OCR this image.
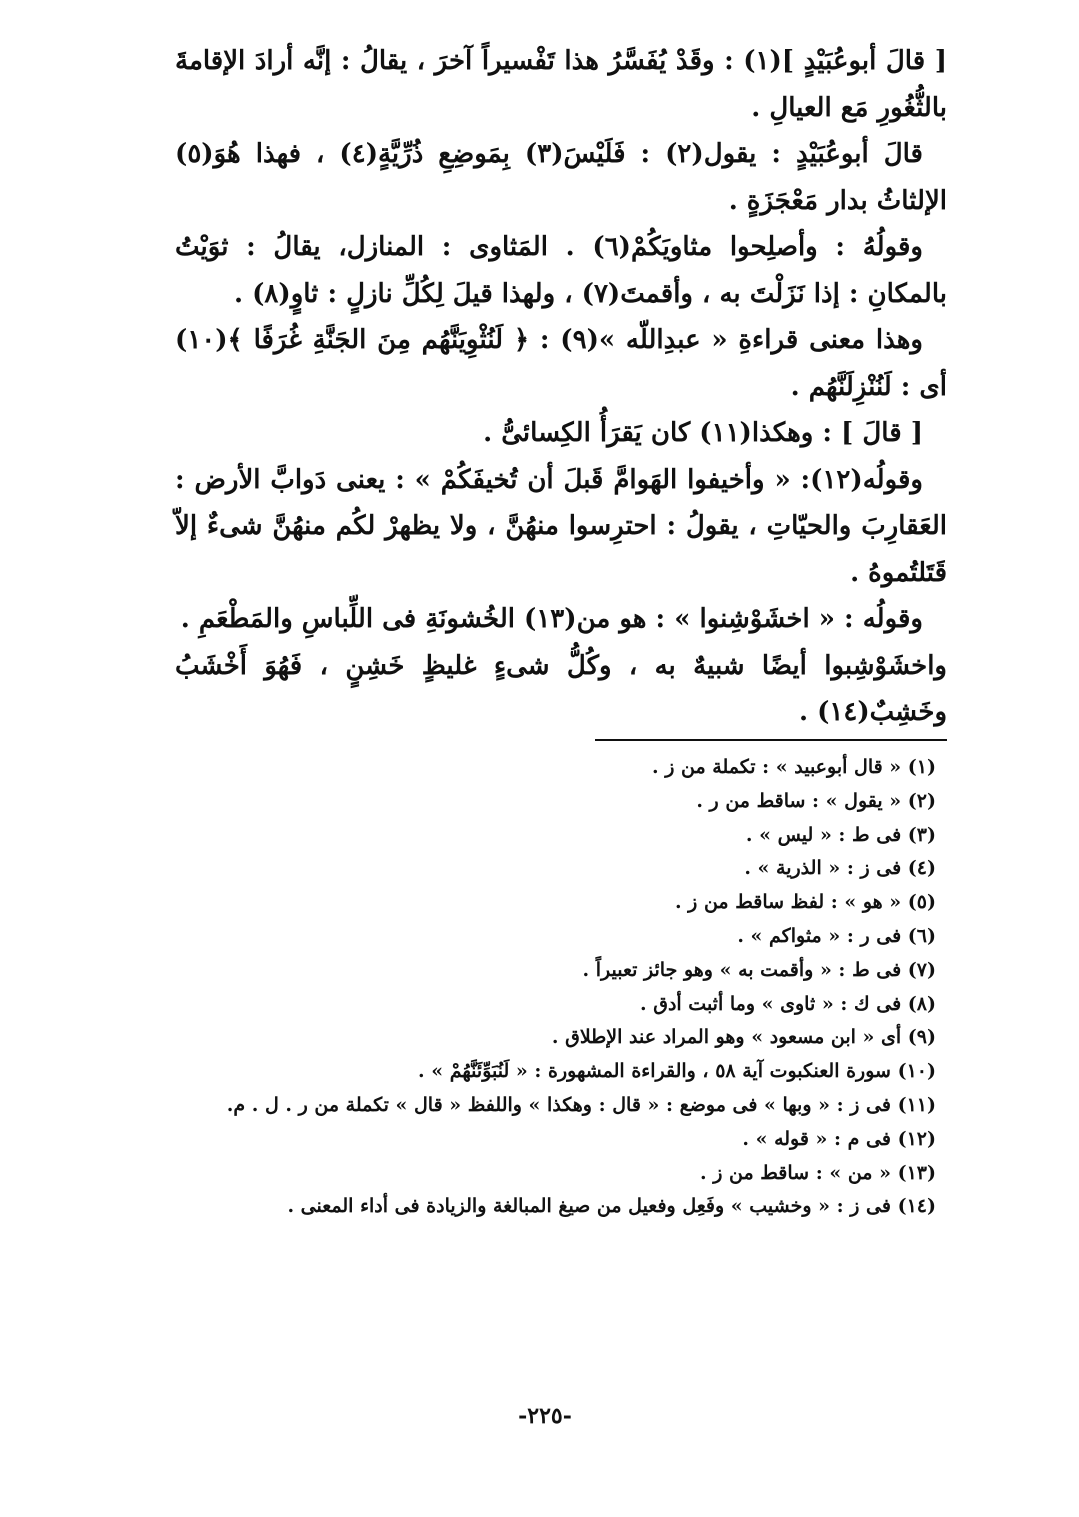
[ قالَ أبوعُبَيْدٍ ](١) : وقَدْ يُفَسَّرُ هذا تَفْسيراً آخرَ ، يقالُ : إنَّه أرادَ الإقامةَ بالثُّغُورِ مَع العيالِ .

قالَ أبوعُبَيْدٍ : يقول(٢) : فَلَيْسَ(٣) بِمَوضِعِ ذُرِّيَّةٍ(٤) ، فهذا هُوَ(٥) الإلثاثُ بدار مَعْجَزَةٍ .

وقولُهُ : وأصلِحوا مثاويَكُمْ(٦) . المَثاوى : المنازل، يقالُ : ثوَيْتُ بالمكانِ : إذا نَزَلْتَ به ، وأقمتَ(٧) ، ولهذا قيلَ لِكُلِّ نازلٍ : ثاوٍ(٨) .

وهذا معنى قراءةِ « عبدِاللّه »(٩) : ﴿ لَنُثْوِيَنَّهُم مِنَ الجَنَّةِ غُرَفًا ﴾(١٠) أى : لَنُنْزِلَنَّهُم .

[ قالَ ] : وهكذا(١١) كان يَقرَأُ الكِسائىُّ .

وقولُه(١٢): « وأخيفوا الهَوامَّ قَبلَ أن تُخيفَكُمْ » : يعنى دَوابَّ الأرض : العَقارِبَ والحيّاتِ ، يقولُ : احترِسوا منهُنَّ ، ولا يظهرْ لكُم منهُنَّ شىءٌ إلاّ قَتَلتُموهُ .

وقولُه : « اخشَوْشِنوا » : هو من(١٣) الخُشونَةِ فى اللِّباسِ والمَطْعَمِ .

واخشَوْشِبوا أيضًا شبيهٌ به ، وكُلُّ شىءٍ غليظٍ خَشِنٍ ، فَهُوَ أَخْشَبُ وخَشِبٌ(١٤) .

(١) « قال أبوعبيد » : تكملة من ز .

(٢) « يقول » : ساقط من ر .

(٣) فى ط : « ليس » .

(٤) فى ز : « الذرية » .

(٥) « هو » : لفظ ساقط من ز .

(٦) فى ر : « مثواكم » .

(٧) فى ط : « وأقمت به » وهو جائز تعبيراً .

(٨) فى ك : « ثاوى » وما أثبت أدق .

(٩) أى « ابن مسعود » وهو المراد عند الإطلاق .

(١٠) سورة العنكبوت آية ٥٨ ، والقراءة المشهورة : « لَنُبَوِّئَنَّهُمْ » .

(١١) فى ز : « وبها » فى موضع : « قال : وهكذا » واللفظ « قال » تكملة من ر . ل . م.

(١٢) فى م : « قوله » .

(١٣) « من » : ساقط من ز .

(١٤) فى ز : « وخشيب » وفَعِل وفعيل من صيغ المبالغة والزيادة فى أداء المعنى .

-٢٢٥-
